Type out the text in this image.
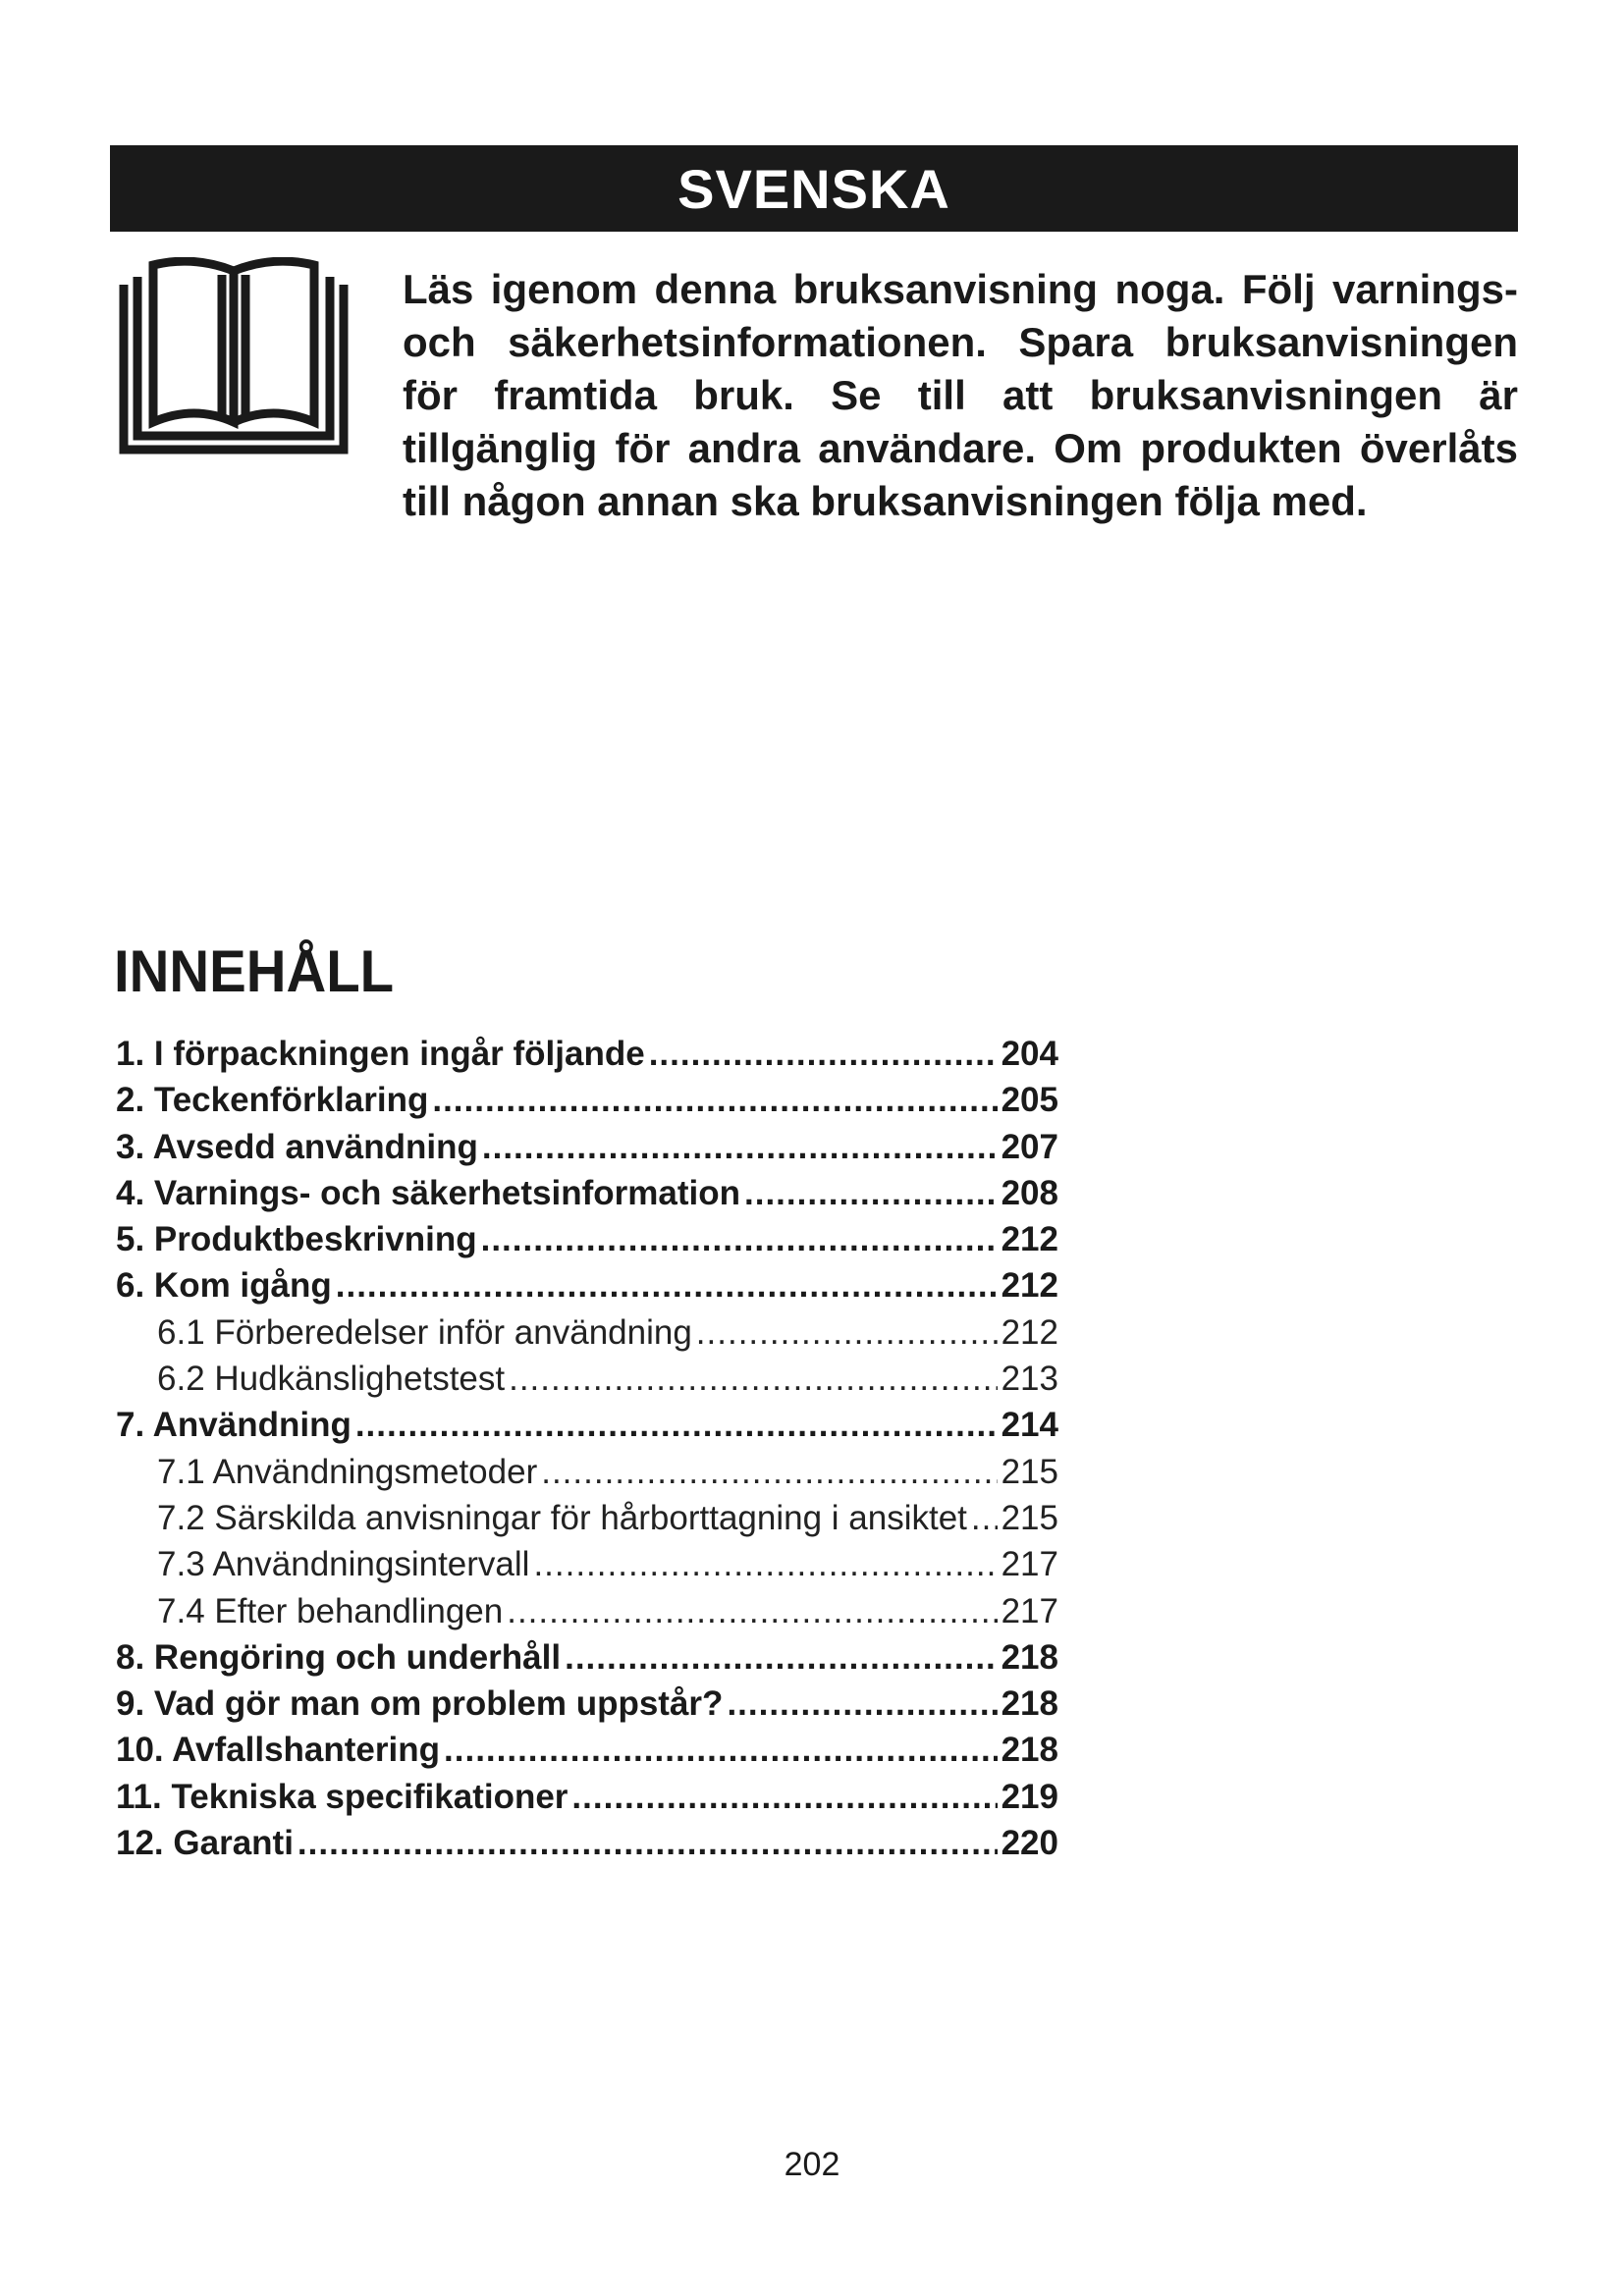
SVENSKA

Läs igenom denna bruksanvisning noga. Följ varnings- och säkerhetsinformationen. Spara bruksanvisningen för framtida bruk. Se till att bruksanvisningen är tillgänglig för andra användare. Om produkten överlåts till någon annan ska bruksanvisningen följa med.

INNEHÅLL
1. I förpackningen ingår följande .....	204
2. Teckenförklaring .....	205
3. Avsedd användning .....	207
4. Varnings- och säkerhetsinformation .....	208
5. Produktbeskrivning .....	212
6. Kom igång .....	212
6.1 Förberedelser inför användning .....	212
6.2 Hudkänslighetstest .....	213
7. Användning .....	214
7.1 Användningsmetoder .....	215
7.2 Särskilda anvisningar för hårborttagning i ansiktet ..... 215
7.3 Användningsintervall .....	217
7.4 Efter behandlingen .....	217
8. Rengöring och underhåll .....	218
9. Vad gör man om problem uppstår? .....	218
10. Avfallshantering .....	218
11. Tekniska specifikationer .....	219
12. Garanti .....	220
202
